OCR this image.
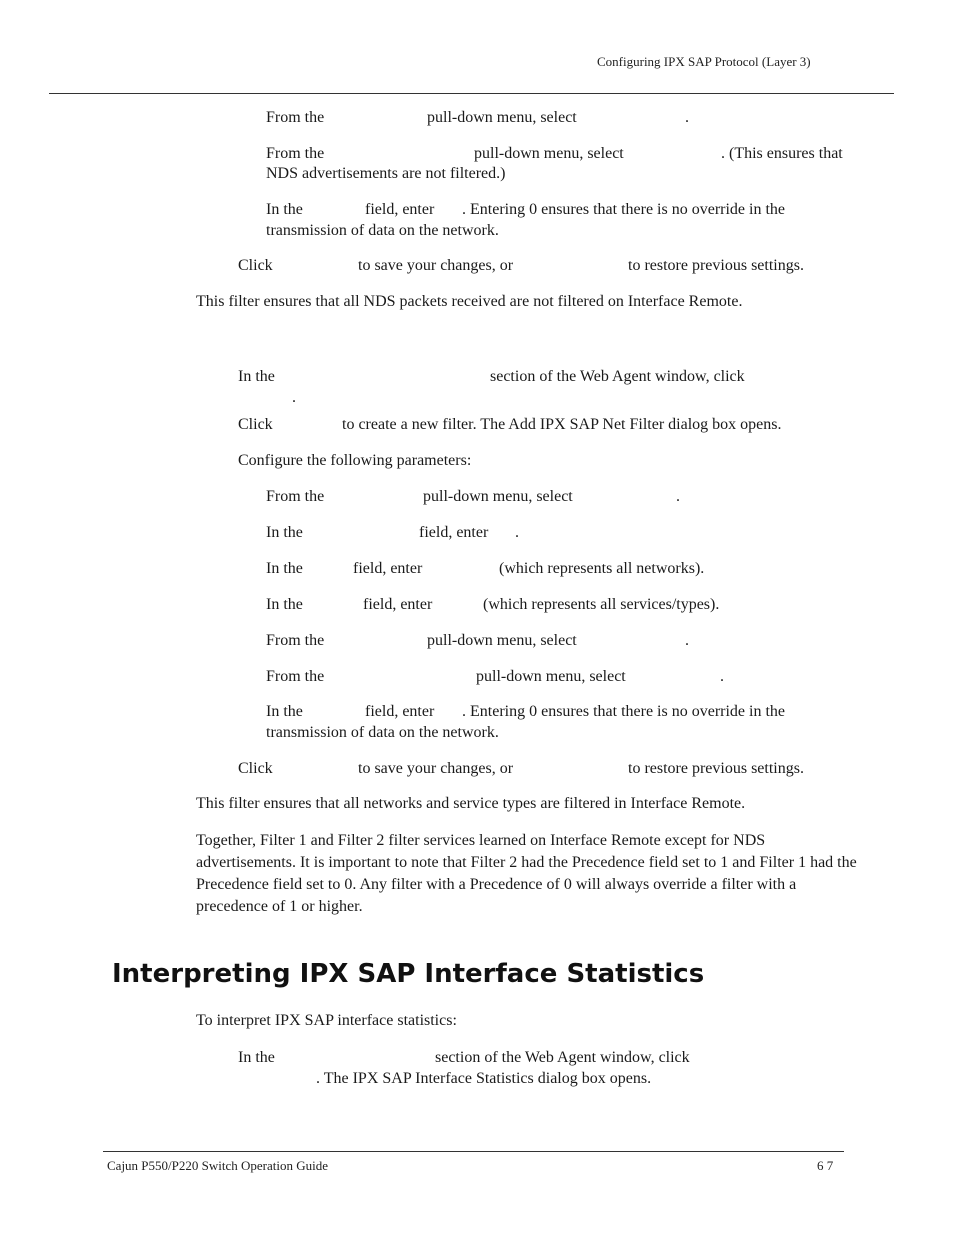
Configuring IPX SAP Protocol (Layer 3)
From the	pull-down menu, select	.
From the	pull-down menu, select	. (This ensures that
NDS advertisements are not filtered.)
In the	field, enter . Entering 0 ensures that there is no override in the
transmission of data on the network.
Click	to save your changes, or	to restore previous settings.
This filter ensures that all NDS packets received are not filtered on Interface Remote.
In the	section of the Web Agent window, click
.
Click	to create a new filter. The Add IPX SAP Net Filter dialog box opens.
Configure the following parameters:
From the	pull-down menu, select	.
In the	field, enter .
In the	field, enter	(which represents all networks).
In the	field, enter	(which represents all services/types).
From the	pull-down menu, select	.
From the	pull-down menu, select	.
In the	field, enter . Entering 0 ensures that there is no override in the
transmission of data on the network.
Click	to save your changes, or	to restore previous settings.
This filter ensures that all networks and service types are filtered in Interface Remote.
Together, Filter 1 and Filter 2 filter services learned on Interface Remote except for NDS advertisements. It is important to note that Filter 2 had the Precedence field set to 1 and Filter 1 had the Precedence field set to 0. Any filter with a Precedence of 0 will always override a filter with a precedence of 1 or higher.
Interpreting IPX SAP Interface Statistics
To interpret IPX SAP interface statistics:
In the	section of the Web Agent window, click
. The IPX SAP Interface Statistics dialog box opens.
Cajun P550/P220 Switch Operation Guide	6 7
